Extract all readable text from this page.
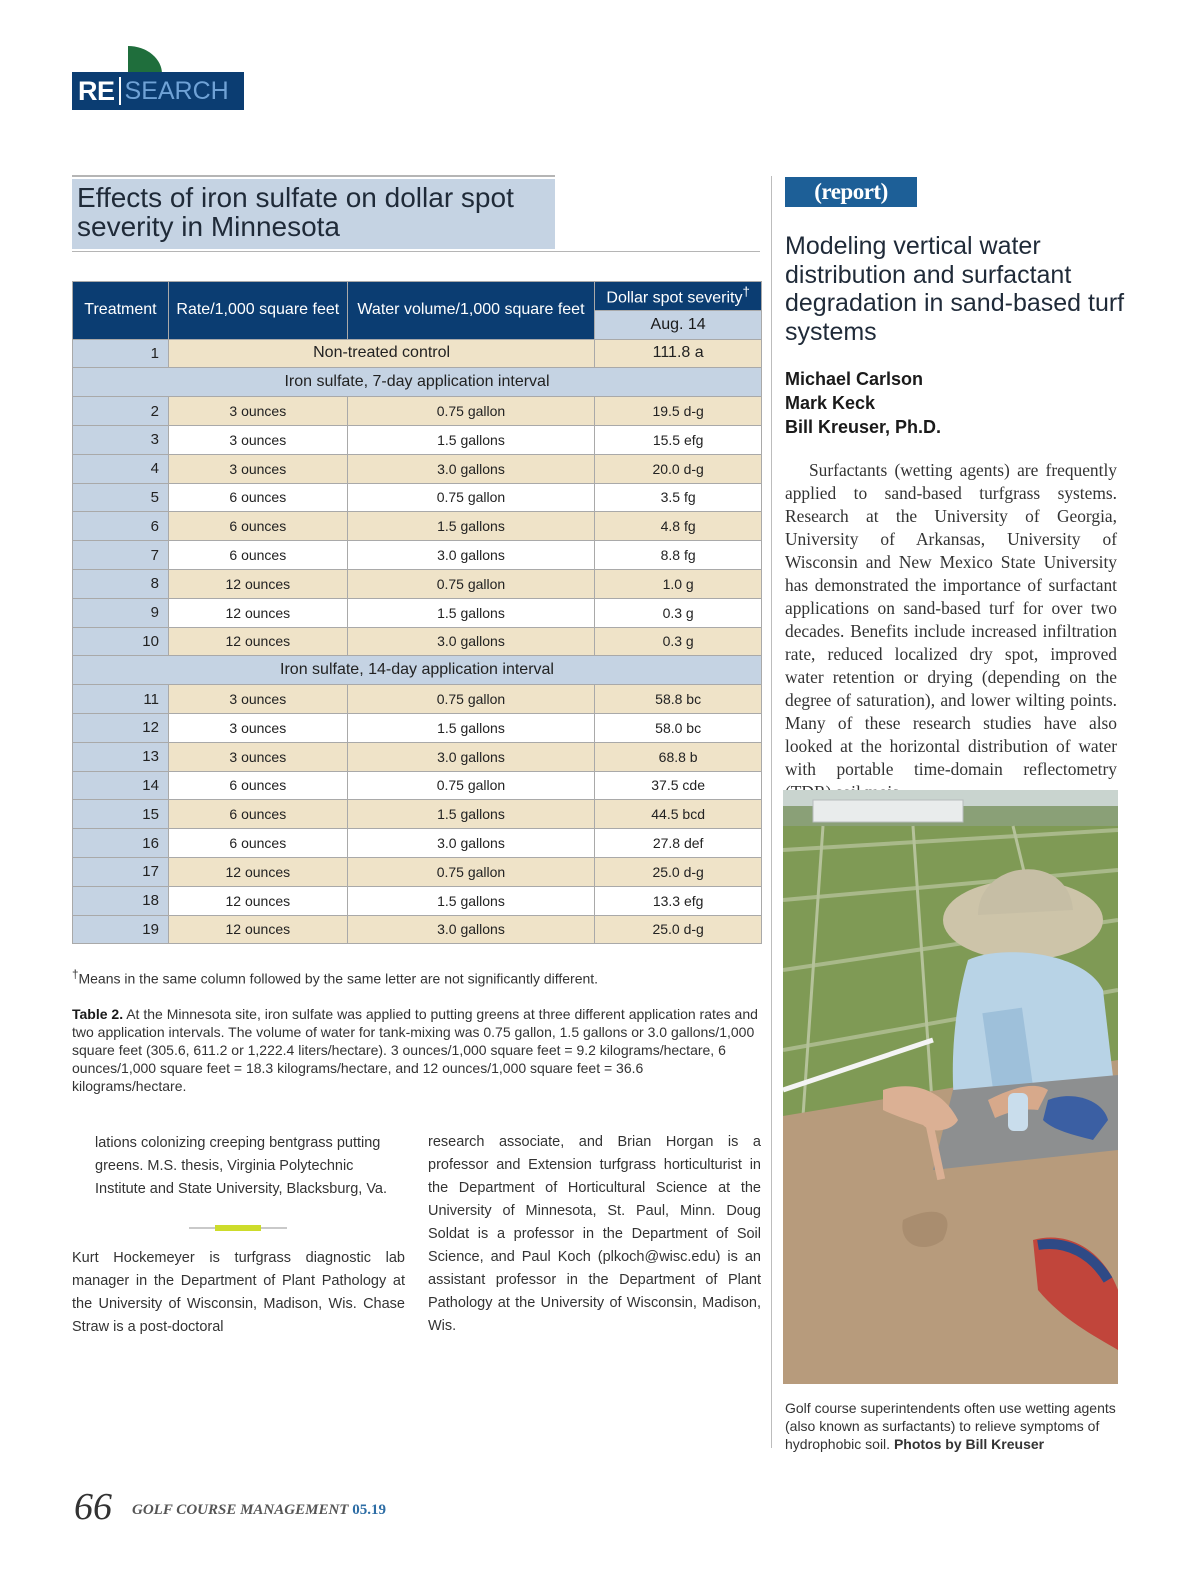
RE SEARCH
Effects of iron sulfate on dollar spot severity in Minnesota
Treatment	Rate/1,000 square feet	Water volume/1,000 square feet	Dollar spot severity†
			Aug. 14
1	Non-treated control		111.8 a
Iron sulfate, 7-day application interval			
2	3 ounces	0.75 gallon	19.5 d-g
3	3 ounces	1.5 gallons	15.5 efg
4	3 ounces	3.0 gallons	20.0 d-g
5	6 ounces	0.75 gallon	3.5 fg
6	6 ounces	1.5 gallons	4.8 fg
7	6 ounces	3.0 gallons	8.8 fg
8	12 ounces	0.75 gallon	1.0 g
9	12 ounces	1.5 gallons	0.3 g
10	12 ounces	3.0 gallons	0.3 g
Iron sulfate, 14-day application interval			
11	3 ounces	0.75 gallon	58.8 bc
12	3 ounces	1.5 gallons	58.0 bc
13	3 ounces	3.0 gallons	68.8 b
14	6 ounces	0.75 gallon	37.5 cde
15	6 ounces	1.5 gallons	44.5 bcd
16	6 ounces	3.0 gallons	27.8 def
17	12 ounces	0.75 gallon	25.0 d-g
18	12 ounces	1.5 gallons	13.3 efg
19	12 ounces	3.0 gallons	25.0 d-g
†Means in the same column followed by the same letter are not significantly different.
Table 2. At the Minnesota site, iron sulfate was applied to putting greens at three different application rates and two application intervals. The volume of water for tank-mixing was 0.75 gallon, 1.5 gallons or 3.0 gallons/1,000 square feet (305.6, 611.2 or 1,222.4 liters/hectare). 3 ounces/1,000 square feet = 9.2 kilograms/hectare, 6 ounces/1,000 square feet = 18.3 kilograms/hectare, and 12 ounces/1,000 square feet = 36.6 kilograms/hectare.
lations colonizing creeping bentgrass putting greens. M.S. thesis, Virginia Polytechnic Institute and State University, Blacksburg, Va.
Kurt Hockemeyer is turfgrass diagnostic lab manager in the Department of Plant Pathology at the University of Wisconsin, Madison, Wis. Chase Straw is a post-doctoral
research associate, and Brian Horgan is a professor and Extension turfgrass horticulturist in the Department of Horticultural Science at the University of Minnesota, St. Paul, Minn. Doug Soldat is a professor in the Department of Soil Science, and Paul Koch (plkoch@wisc.edu) is an assistant professor in the Department of Plant Pathology at the University of Wisconsin, Madison, Wis.
66 GOLF COURSE MANAGEMENT 05.19
(report)
Modeling vertical water distribution and surfactant degradation in sand-based turf systems
Michael Carlson
Mark Keck
Bill Kreuser, Ph.D.
Surfactants (wetting agents) are frequently applied to sand-based turfgrass systems. Research at the University of Georgia, University of Arkansas, University of Wisconsin and New Mexico State University has demonstrated the importance of surfactant applications on sand-based turf for over two decades. Benefits include increased infiltration rate, reduced localized dry spot, improved water retention or drying (depending on the degree of saturation), and lower wilting points. Many of these research studies have also looked at the horizontal distribution of water with portable time-domain reflectometry
Golf course superintendents often use wetting agents (also known as surfactants) to relieve symptoms of hydrophobic soil. Photos by Bill Kreuser
